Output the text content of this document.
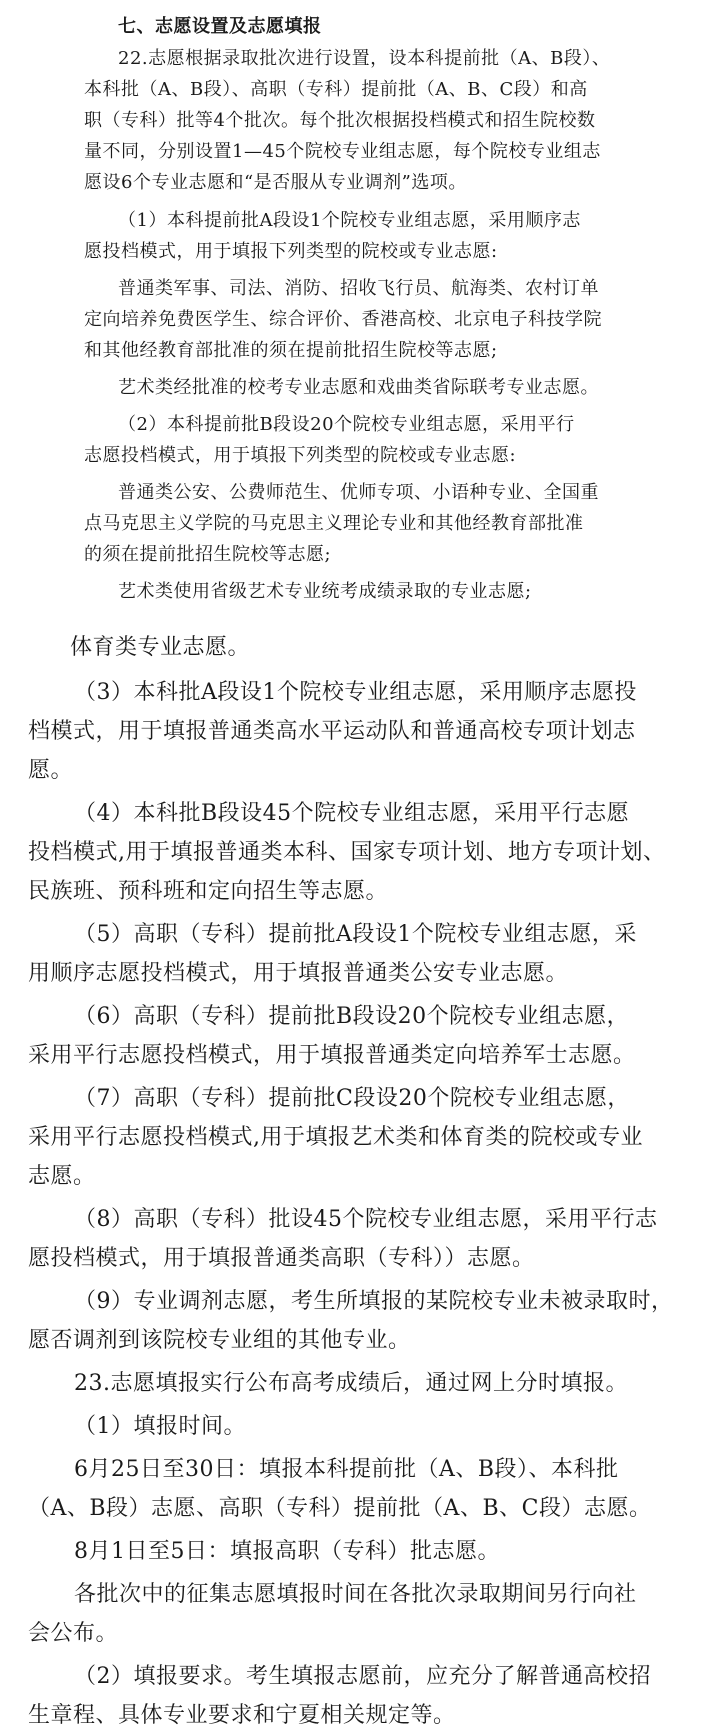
七、志愿设置及志愿填报
22.志愿根据录取批次进行设置，设本科提前批（A、B段）、
本科批（A、B段）、高职（专科）提前批（A、B、C段）和高
职（专科）批等4个批次。每个批次根据投档模式和招生院校数
量不同，分别设置1—45个院校专业组志愿，每个院校专业组志
愿设6个专业志愿和“是否服从专业调剂”选项。
（1）本科提前批A段设1个院校专业组志愿，采用顺序志
愿投档模式，用于填报下列类型的院校或专业志愿:
普通类军事、司法、消防、招收飞行员、航海类、农村订单
定向培养免费医学生、综合评价、香港高校、北京电子科技学院
和其他经教育部批准的须在提前批招生院校等志愿;
艺术类经批准的校考专业志愿和戏曲类省际联考专业志愿。
（2）本科提前批B段设20个院校专业组志愿，采用平行
志愿投档模式，用于填报下列类型的院校或专业志愿:
普通类公安、公费师范生、优师专项、小语种专业、全国重
点马克思主义学院的马克思主义理论专业和其他经教育部批准
的须在提前批招生院校等志愿;
艺术类使用省级艺术专业统考成绩录取的专业志愿;
体育类专业志愿。
（3）本科批A段设1个院校专业组志愿，采用顺序志愿投
档模式，用于填报普通类高水平运动队和普通高校专项计划志
愿。
（4）本科批B段设45个院校专业组志愿，采用平行志愿
投档模式,用于填报普通类本科、国家专项计划、地方专项计划、
民族班、预科班和定向招生等志愿。
（5）高职（专科）提前批A段设1个院校专业组志愿，采
用顺序志愿投档模式，用于填报普通类公安专业志愿。
（6）高职（专科）提前批B段设20个院校专业组志愿，
采用平行志愿投档模式，用于填报普通类定向培养军士志愿。
（7）高职（专科）提前批C段设20个院校专业组志愿，
采用平行志愿投档模式,用于填报艺术类和体育类的院校或专业
志愿。
（8）高职（专科）批设45个院校专业组志愿，采用平行志
愿投档模式，用于填报普通类高职（专科））志愿。
（9）专业调剂志愿，考生所填报的某院校专业未被录取时，
愿否调剂到该院校专业组的其他专业。
23.志愿填报实行公布高考成绩后，通过网上分时填报。
（1）填报时间。
6月25日至30日：填报本科提前批（A、B段）、本科批
（A、B段）志愿、高职（专科）提前批（A、B、C段）志愿。
8月1日至5日：填报高职（专科）批志愿。
各批次中的征集志愿填报时间在各批次录取期间另行向社
会公布。
（2）填报要求。考生填报志愿前，应充分了解普通高校招
生章程、具体专业要求和宁夏相关规定等。
